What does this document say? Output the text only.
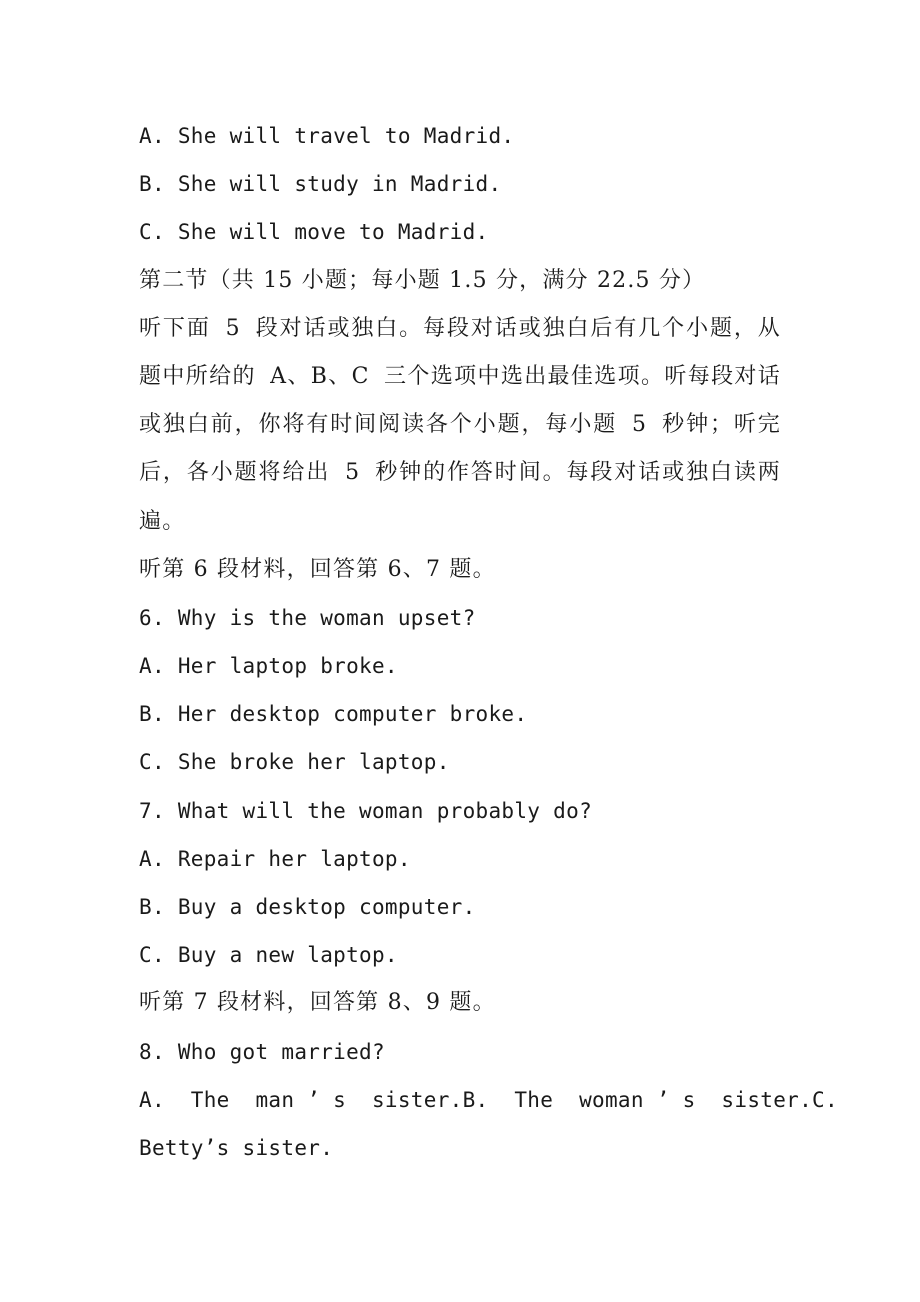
A. She will travel to Madrid.
B. She will study in Madrid.
C. She will move to Madrid.
第二节（共 15 小题；每小题 1.5 分，满分 22.5 分）
听下面 5 段对话或独白。每段对话或独白后有几个小题，从
题中所给的 A、B、C 三个选项中选出最佳选项。听每段对话
或独白前，你将有时间阅读各个小题，每小题 5 秒钟；听完
后，各小题将给出 5 秒钟的作答时间。每段对话或独白读两
遍。
听第 6 段材料，回答第 6、7 题。
6. Why is the woman upset?
A. Her laptop broke.
B. Her desktop computer broke.
C. She broke her laptop.
7. What will the woman probably do?
A. Repair her laptop.
B. Buy a desktop computer.
C. Buy a new laptop.
听第 7 段材料，回答第 8、9 题。
8. Who got married?
A.  The  man ’ s  sister.B.  The  woman ’ s  sister.C.
Betty’s sister.
